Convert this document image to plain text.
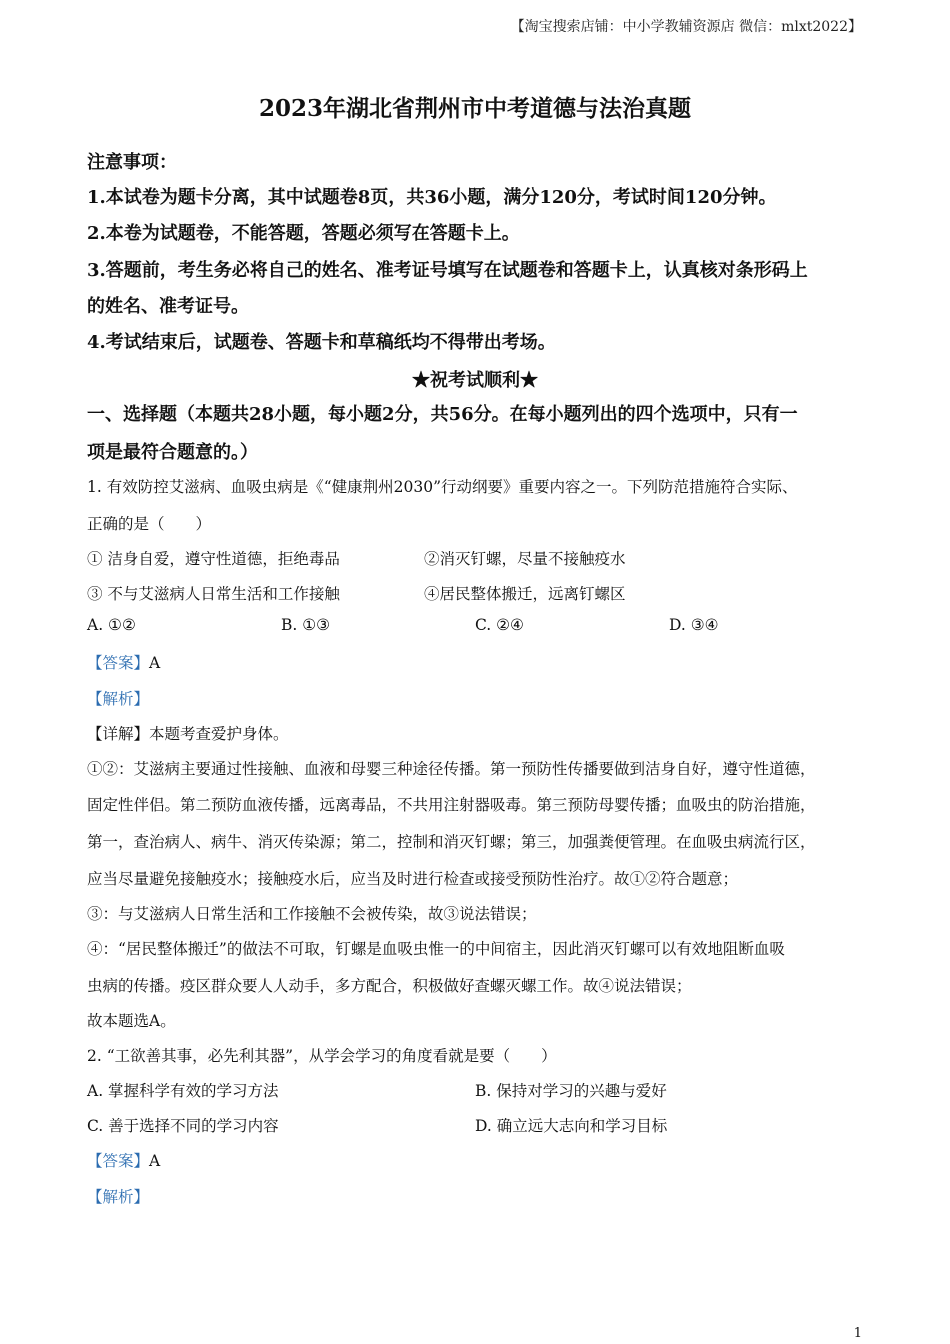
【淘宝搜索店铺：中小学教辅资源店 微信：mlxt2022】
2023年湖北省荆州市中考道德与法治真题
注意事项：
1.本试卷为题卡分离，其中试题卷8页，共36小题，满分120分，考试时间120分钟。
2.本卷为试题卷，不能答题，答题必须写在答题卡上。
3.答题前，考生务必将自己的姓名、准考证号填写在试题卷和答题卡上，认真核对条形码上
的姓名、准考证号。
4.考试结束后，试题卷、答题卡和草稿纸均不得带出考场。
★祝考试顺利★
一、选择题（本题共28小题，每小题2分，共56分。在每小题列出的四个选项中，只有一
项是最符合题意的。）
1. 有效防控艾滋病、血吸虫病是《“健康荆州2030”行动纲要》重要内容之一。下列防范措施符合实际、
正确的是（　　）
① 洁身自爱，遵守性道德，拒绝毒品	②消灭钉螺，尽量不接触疫水
③ 不与艾滋病人日常生活和工作接触	④居民整体搬迁，远离钉螺区
A. ①②	B. ①③	C. ②④	D. ③④
【答案】A
【解析】
【详解】本题考查爱护身体。
①②：艾滋病主要通过性接触、血液和母婴三种途径传播。第一预防性传播要做到洁身自好，遵守性道德，
固定性伴侣。第二预防血液传播，远离毒品，不共用注射器吸毒。第三预防母婴传播；血吸虫的防治措施，
第一，查治病人、病牛、消灭传染源；第二，控制和消灭钉螺；第三，加强粪便管理。在血吸虫病流行区，
应当尽量避免接触疫水；接触疫水后，应当及时进行检查或接受预防性治疗。故①②符合题意；
③：与艾滋病人日常生活和工作接触不会被传染，故③说法错误；
④：“居民整体搬迁”的做法不可取，钉螺是血吸虫惟一的中间宿主，因此消灭钉螺可以有效地阻断血吸
虫病的传播。疫区群众要人人动手，多方配合，积极做好查螺灭螺工作。故④说法错误；
故本题选A。
2. “工欲善其事，必先利其器”，从学会学习的角度看就是要（　　）
A. 掌握科学有效的学习方法	B. 保持对学习的兴趣与爱好
C. 善于选择不同的学习内容	D. 确立远大志向和学习目标
【答案】A
【解析】
1
